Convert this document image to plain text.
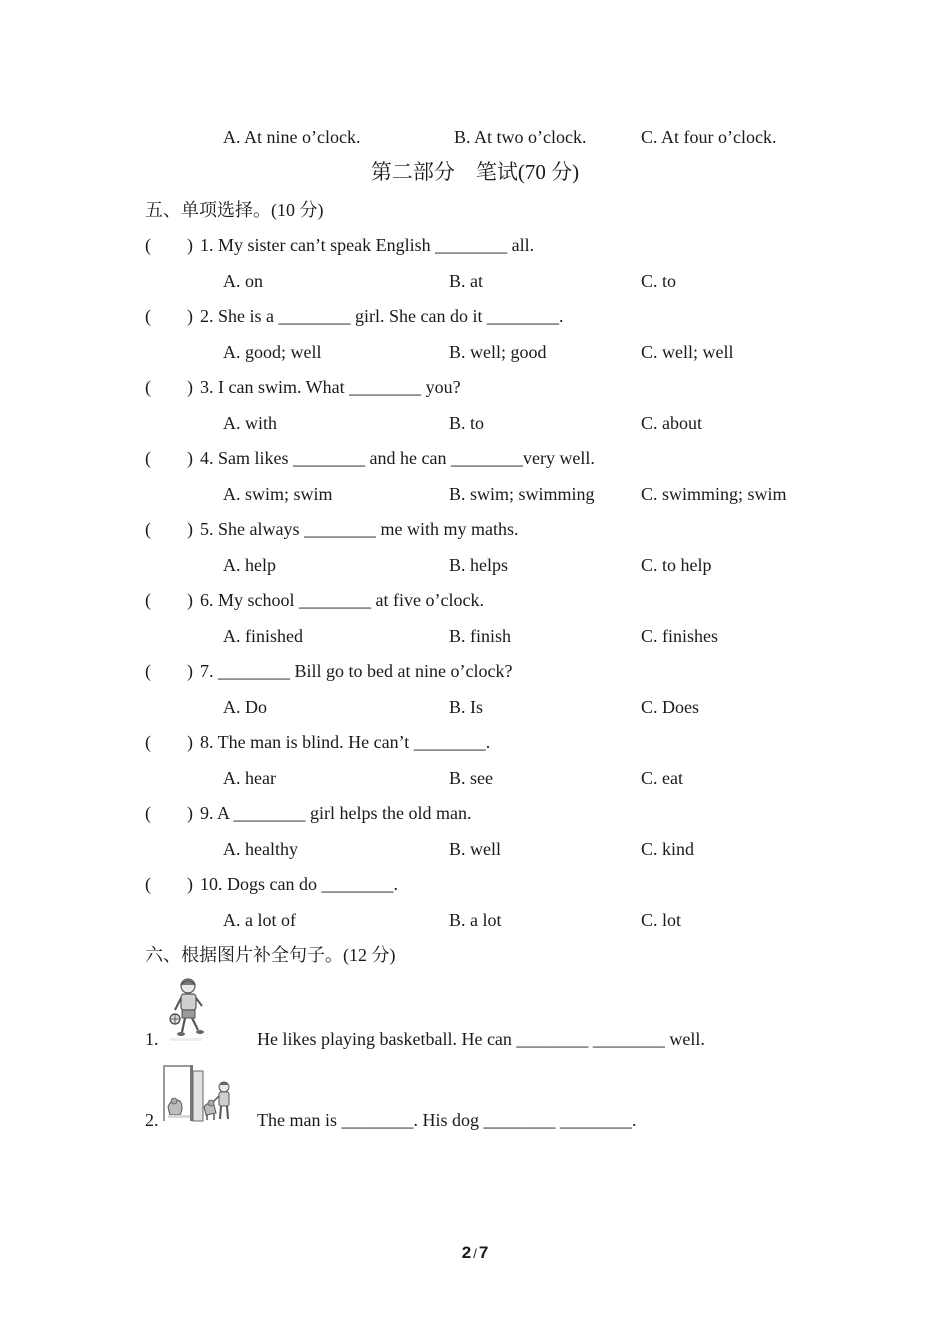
A. At nine o’clock.	B. At two o’clock.	C. At four o’clock.
第二部分　笔试(70 分)
五、单项选择。(10 分)
( ) 1. My sister can’t speak English ________ all.
A. on	B. at	C. to
( ) 2. She is a ________ girl. She can do it ________.
A. good; well	B. well; good	C. well; well
( ) 3. I can swim. What ________ you?
A. with	B. to	C. about
( ) 4. Sam likes ________ and he can ________very well.
A. swim; swim	B. swim; swimming	C. swimming; swim
( ) 5. She always ________ me with my maths.
A. help	B. helps	C. to help
( ) 6. My school ________ at five o’clock.
A. finished	B. finish	C. finishes
( ) 7. ________ Bill go to bed at nine o’clock?
A. Do	B. Is	C. Does
( ) 8. The man is blind. He can’t ________.
A. hear	B. see	C. eat
( ) 9. A ________ girl helps the old man.
A. healthy	B. well	C. kind
( ) 10. Dogs can do ________.
A. a lot of	B. a lot	C. lot
六、根据图片补全句子。(12 分)
1.	He likes playing basketball. He can ________ ________ well.
2.	The man is ________. His dog ________ ________.
2 / 7
